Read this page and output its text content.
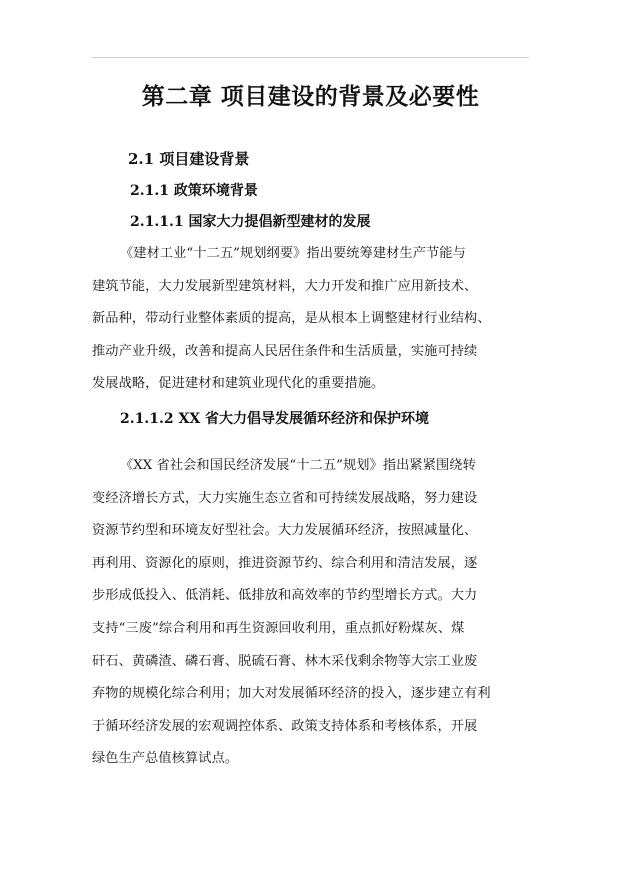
第二章 项目建设的背景及必要性
2.1 项目建设背景
2.1.1 政策环境背景
2.1.1.1 国家大力提倡新型建材的发展
《建材工业“十二五”规划纲要》指出要统筹建材生产节能与
建筑节能，大力发展新型建筑材料，大力开发和推广应用新技术、
新品种，带动行业整体素质的提高，是从根本上调整建材行业结构、
推动产业升级，改善和提高人民居住条件和生活质量，实施可持续
发展战略，促进建材和建筑业现代化的重要措施。
2.1.1.2 XX 省大力倡导发展循环经济和保护环境
《XX 省社会和国民经济发展“十二五”规划》指出紧紧围绕转
变经济增长方式，大力实施生态立省和可持续发展战略，努力建设
资源节约型和环境友好型社会。大力发展循环经济，按照减量化、
再利用、资源化的原则，推进资源节约、综合利用和清洁发展，逐
步形成低投入、低消耗、低排放和高效率的节约型增长方式。大力
支持“三废”综合利用和再生资源回收利用，重点抓好粉煤灰、煤
矸石、黄磷渣、磷石膏、脱硫石膏、林木采伐剩余物等大宗工业废
弃物的规模化综合利用；加大对发展循环经济的投入，逐步建立有利
于循环经济发展的宏观调控体系、政策支持体系和考核体系，开展
绿色生产总值核算试点。
